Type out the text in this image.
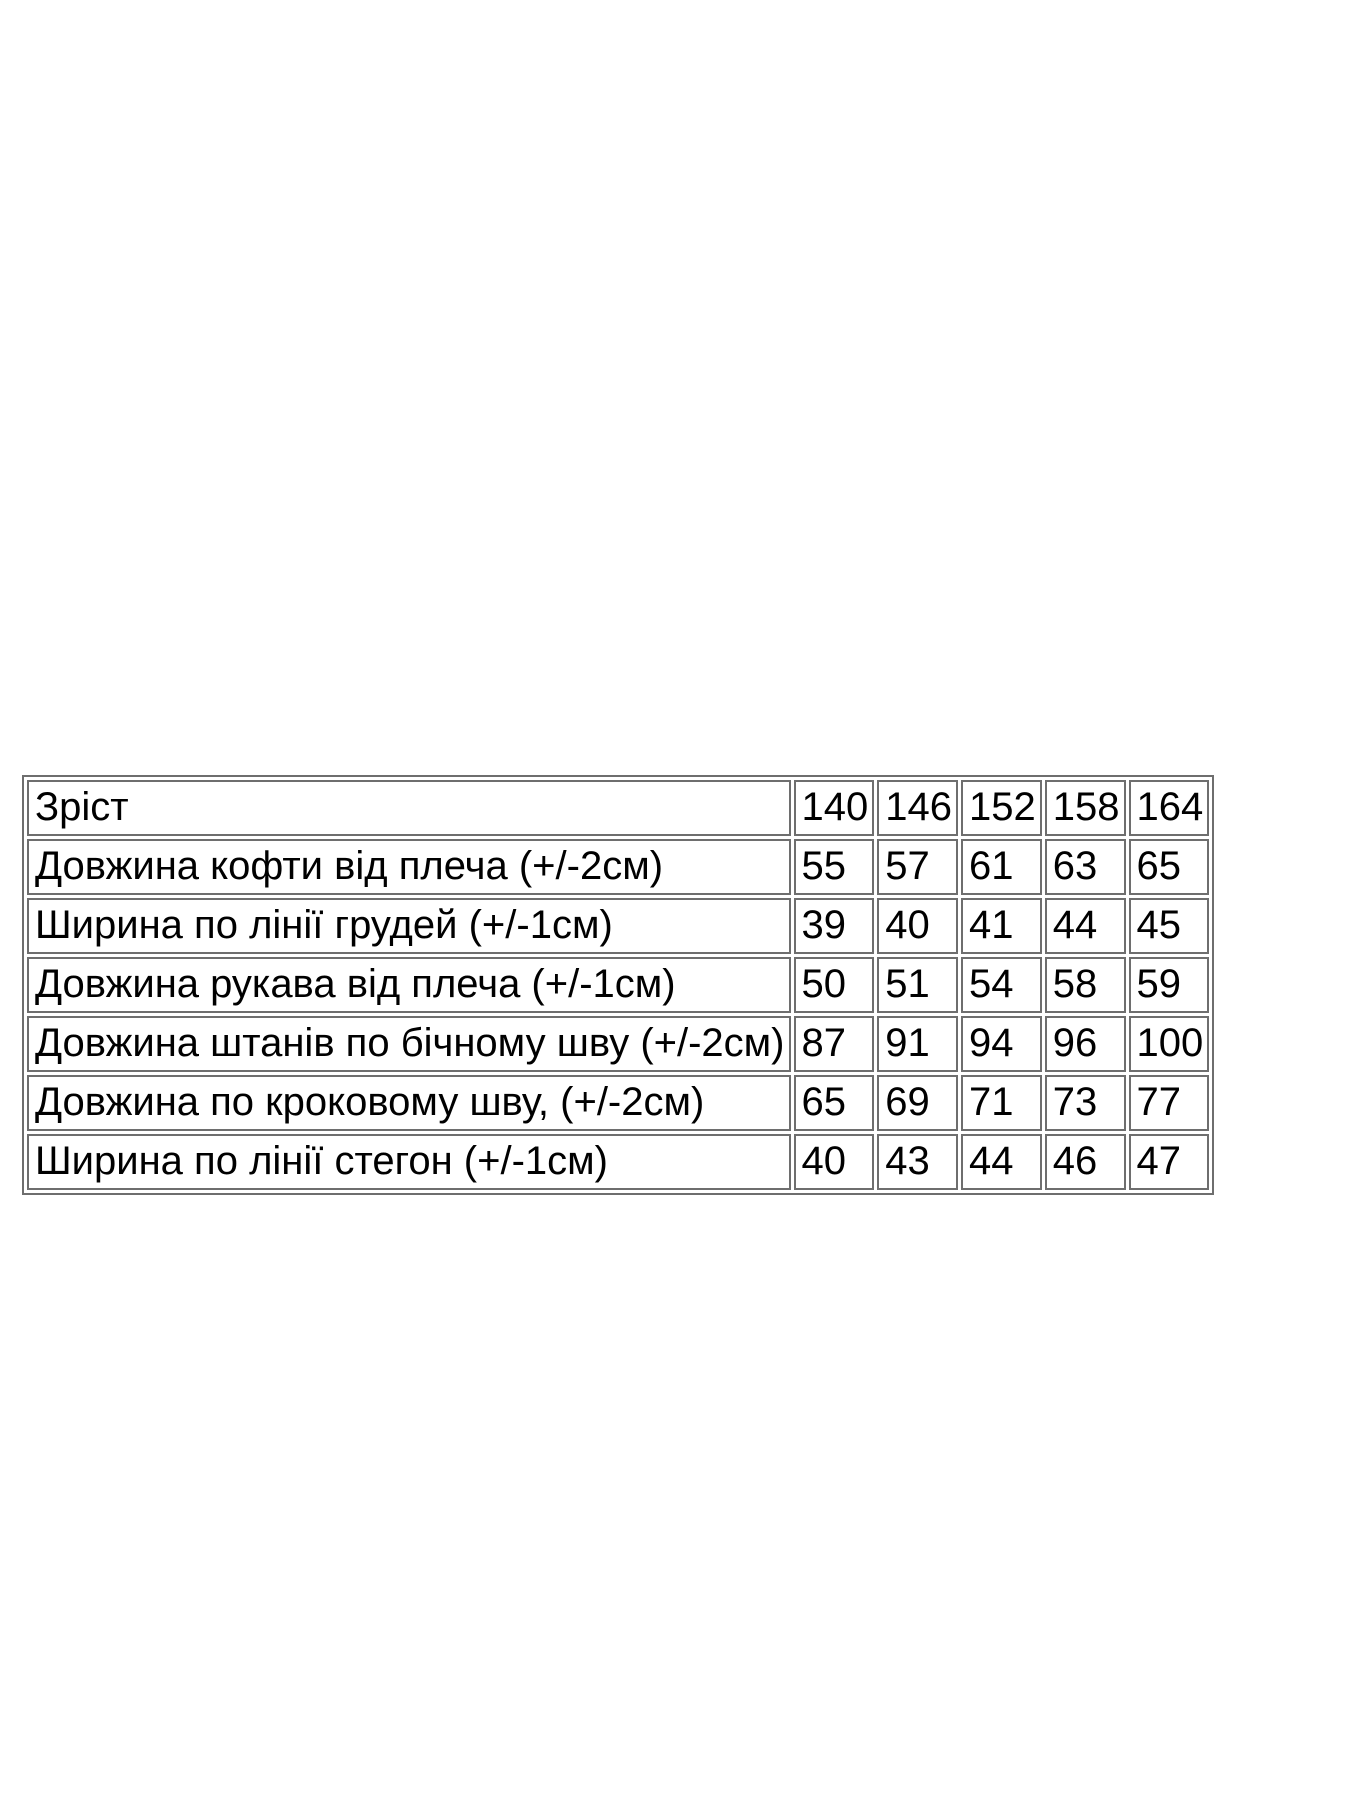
Зріст	140	146	152	158	164
Довжина кофти від плеча (+/-2см)	55	57	61	63	65
Ширина по лінії грудей (+/-1см)	39	40	41	44	45
Довжина рукава від плеча (+/-1см)	50	51	54	58	59
Довжина штанів по бічному шву (+/-2см)	87	91	94	96	100
Довжина по кроковому шву, (+/-2см)	65	69	71	73	77
Ширина по лінії стегон (+/-1см)	40	43	44	46	47
